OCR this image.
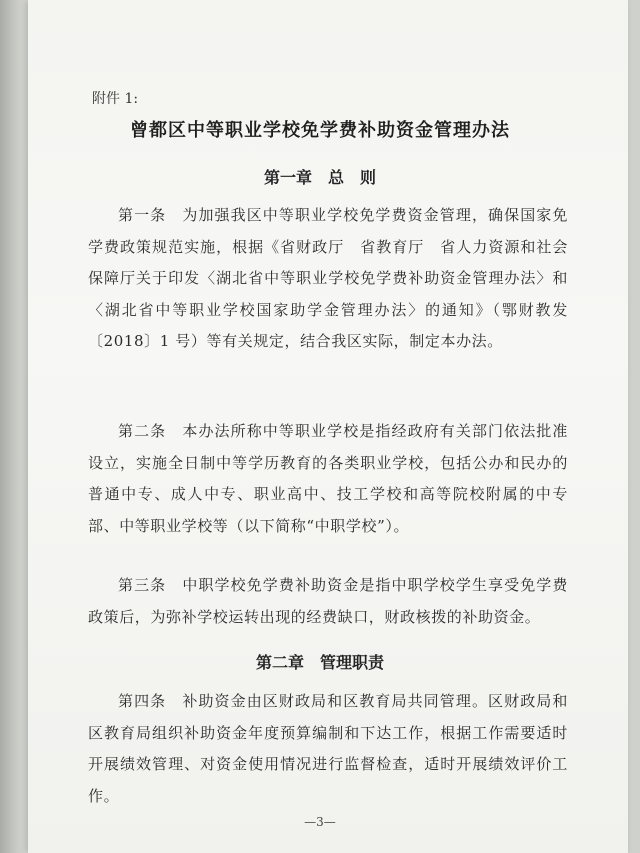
附件 1:
曾都区中等职业学校免学费补助资金管理办法
第一章　总　则
第一条　为加强我区中等职业学校免学费资金管理，确保国家免学费政策规范实施，根据《省财政厅　省教育厅　省人力资源和社会保障厅关于印发〈湖北省中等职业学校免学费补助资金管理办法〉和〈湖北省中等职业学校国家助学金管理办法〉的通知》（鄂财教发〔2018〕1 号）等有关规定，结合我区实际，制定本办法。
第二条　本办法所称中等职业学校是指经政府有关部门依法批准设立，实施全日制中等学历教育的各类职业学校，包括公办和民办的普通中专、成人中专、职业高中、技工学校和高等院校附属的中专部、中等职业学校等（以下简称“中职学校”）。
第三条　中职学校免学费补助资金是指中职学校学生享受免学费政策后，为弥补学校运转出现的经费缺口，财政核拨的补助资金。
第二章　管理职责
第四条　补助资金由区财政局和区教育局共同管理。区财政局和区教育局组织补助资金年度预算编制和下达工作，根据工作需要适时开展绩效管理、对资金使用情况进行监督检查，适时开展绩效评价工作。
—3—
